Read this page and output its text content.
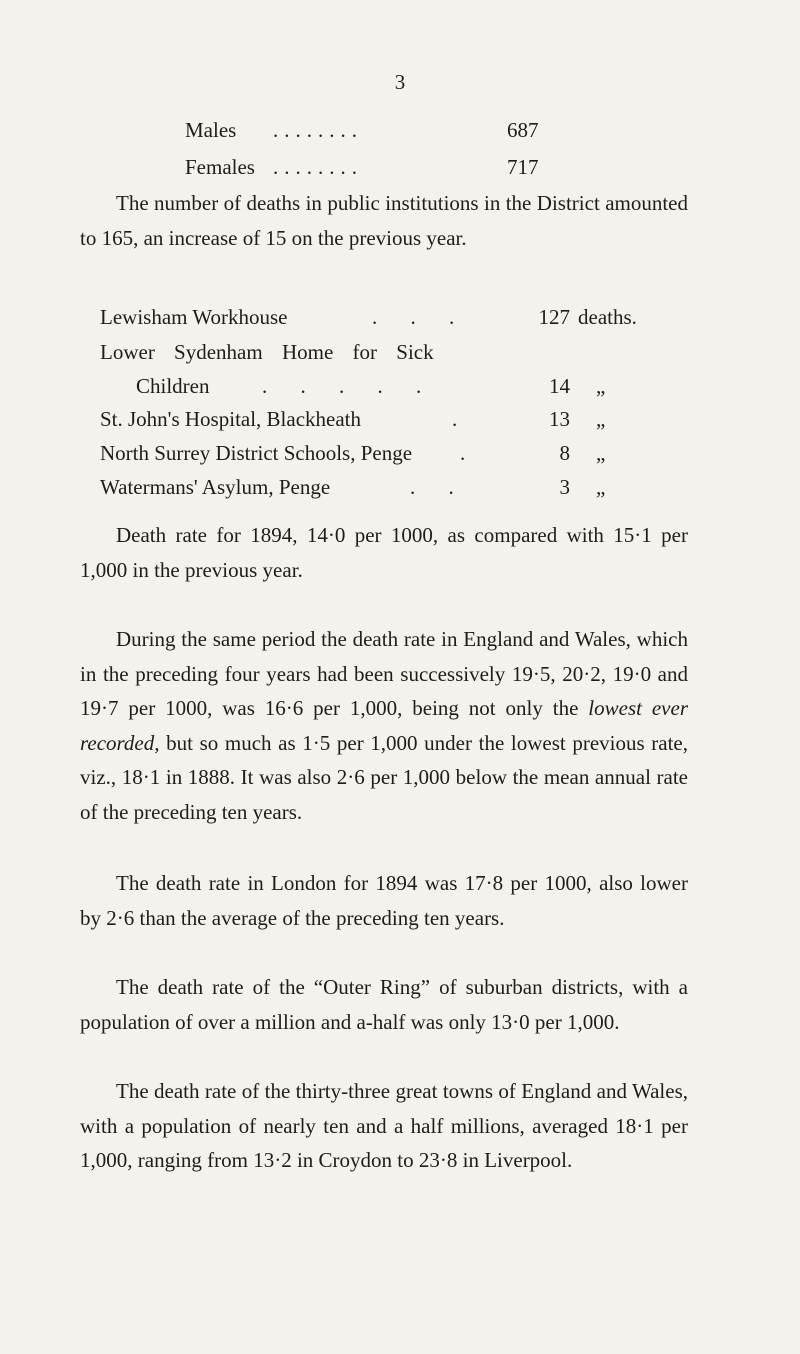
3
Males ........	687
Females ........	717

The number of deaths in public institutions in the District amounted to 165, an increase of 15 on the previous year.

Lewisham Workhouse	. . .	127 deaths.
Lower Sydenham Home for Sick
Children	. . . . .	14 „
St. John's Hospital, Blackheath	.	13 „
North Surrey District Schools, Penge .	8 „
Watermans' Asylum, Penge	. .	3 „

Death rate for 1894, 14·0 per 1000, as compared with 15·1 per 1,000 in the previous year.

During the same period the death rate in England and Wales, which in the preceding four years had been successively 19·5, 20·2, 19·0 and 19·7 per 1000, was 16·6 per 1,000, being not only the lowest ever recorded, but so much as 1·5 per 1,000 under the lowest previous rate, viz., 18·1 in 1888. It was also 2·6 per 1,000 below the mean annual rate of the preceding ten years.

The death rate in London for 1894 was 17·8 per 1000, also lower by 2·6 than the average of the preceding ten years.

The death rate of the “Outer Ring” of suburban districts, with a population of over a million and a-half was only 13·0 per 1,000.

The death rate of the thirty-three great towns of England and Wales, with a population of nearly ten and a half millions, averaged 18·1 per 1,000, ranging from 13·2 in Croydon to 23·8 in Liverpool.
